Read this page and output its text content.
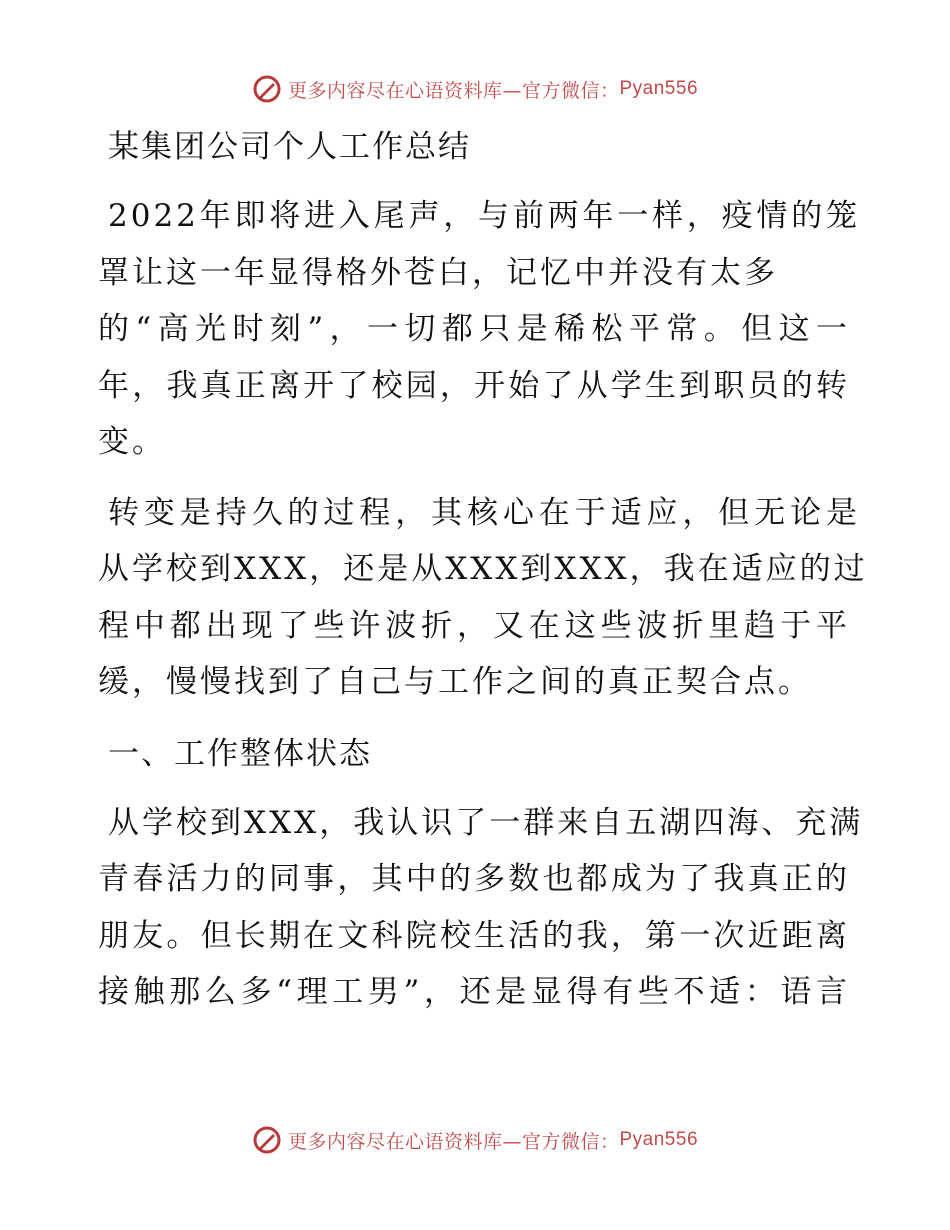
更多内容尽在心语资料库—官方微信： Pyan556
某集团公司个人工作总结
2022年即将进入尾声，与前两年一样，疫情的笼
罩让这一年显得格外苍白，记忆中并没有太多
的“高光时刻”，一切都只是稀松平常。但这一
年，我真正离开了校园，开始了从学生到职员的转
变。
转变是持久的过程，其核心在于适应，但无论是
从学校到XXX，还是从XXX到XXX，我在适应的过
程中都出现了些许波折，又在这些波折里趋于平
缓，慢慢找到了自己与工作之间的真正契合点。
一、工作整体状态
从学校到XXX，我认识了一群来自五湖四海、充满
青春活力的同事，其中的多数也都成为了我真正的
朋友。但长期在文科院校生活的我，第一次近距离
接触那么多“理工男”，还是显得有些不适：语言
更多内容尽在心语资料库—官方微信： Pyan556
